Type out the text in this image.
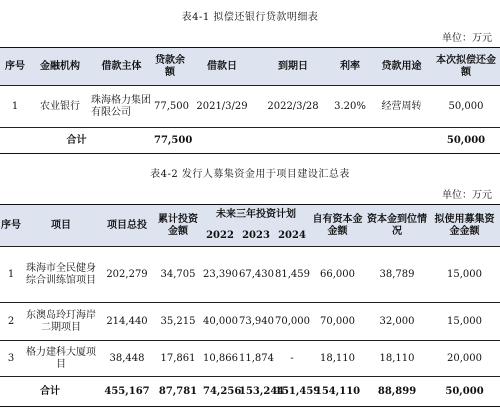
表4-1 拟偿还银行贷款明细表
单位：万元
序号	金融机构	借款主体	贷款余额	借款日	到期日	利率	贷款用途	本次拟偿还金额
1	农业银行	珠海格力集团有限公司	77,500	2021/3/29	2022/3/28	3.20%	经营周转	50,000
合计			77,500					50,000
表4-2 发行人募集资金用于项目建设汇总表
单位：万元
序号	项目	项目总投	累计投资金额	未来三年投资计划			自有资本金金额	资本金到位情况	拟使用募集资金金额
				2022	2023	2024			
1	珠海市全民健身综合训练馆项目	202,279	34,705	23,390	67,430	81,459	66,000	38,789	15,000
2	东澳岛玲玎海岸二期项目	214,440	35,215	40,000	73,940	70,000	70,000	32,000	15,000
3	格力建科大厦项目	38,448	17,861	10,866	11,874	-	18,110	18,110	20,000
合计		455,167	87,781	74,256	153,244	151,459	154,110	88,899	50,000
